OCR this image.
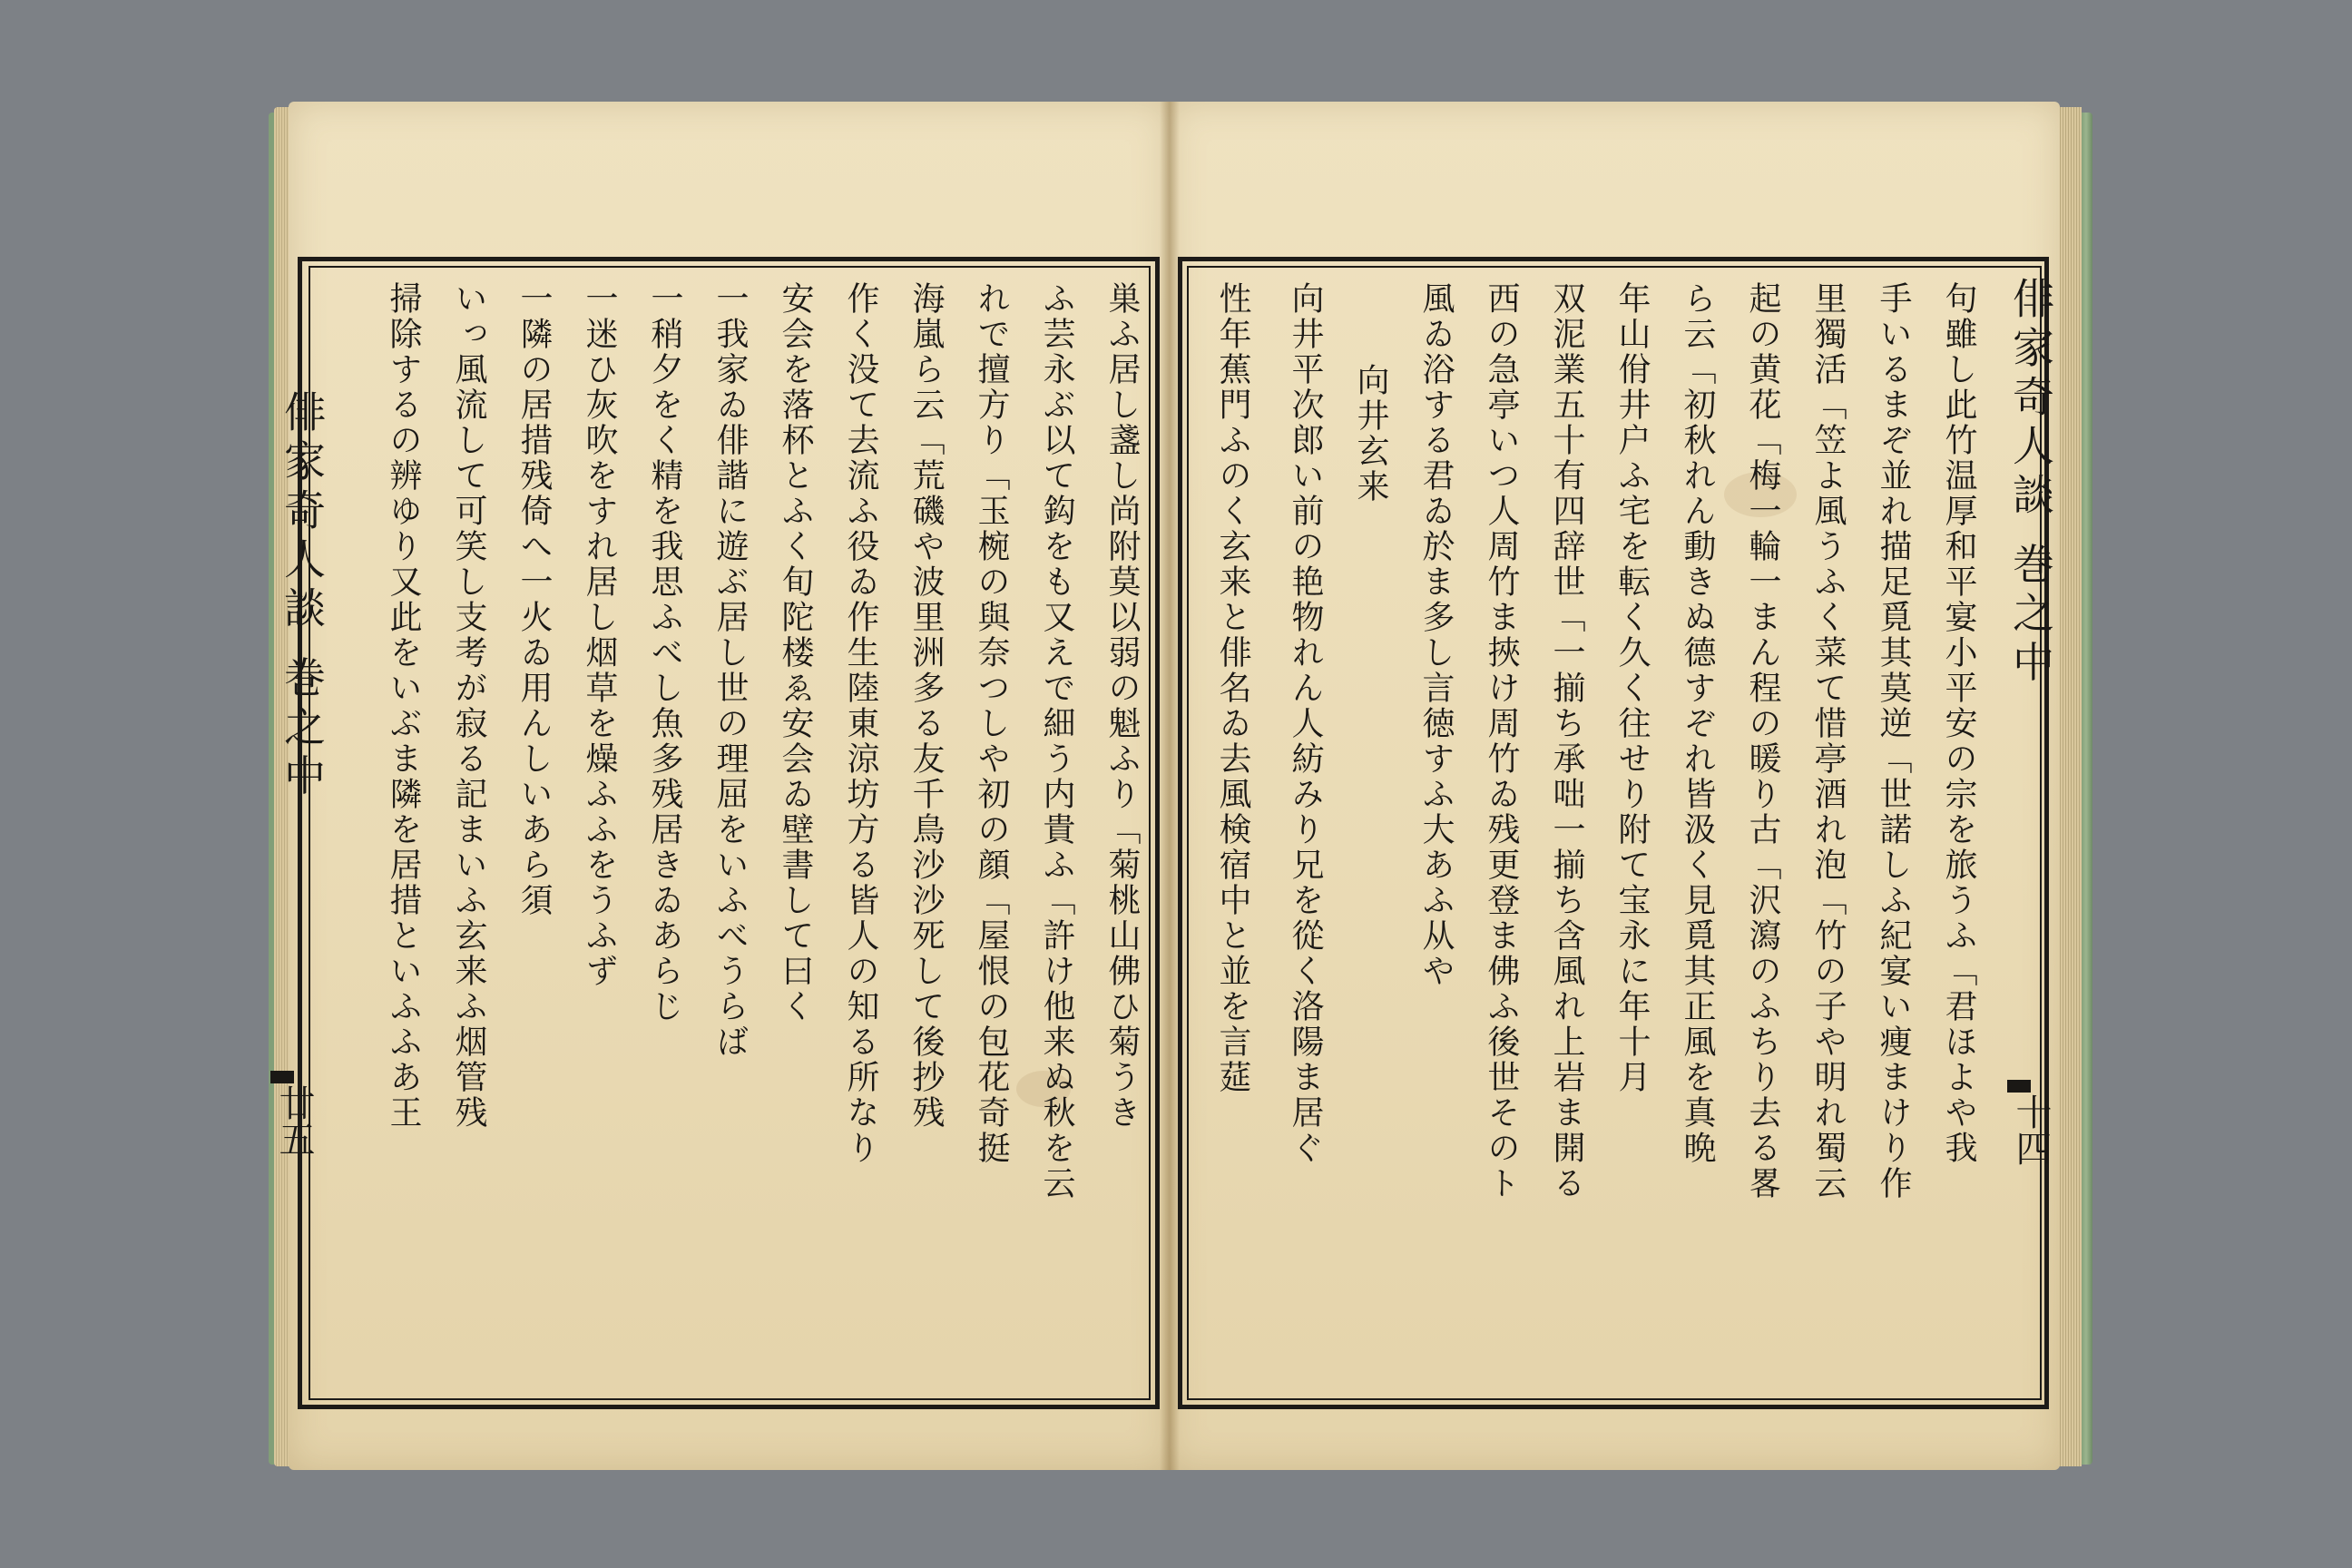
俳家奇人談 巻之中
廿五
俳家奇人談 巻之中
十四
巣ふ居し盞し尚附莫以弱の魁ふり「菊桃山佛ひ菊うき
ふ芸永ぶ以て鈎をも又えで細う内貴ふ「許け他来ぬ秋を云
れで擅方り「玉椀の與奈つしや初の顔「屋恨の包花奇挺
海嵐ら云「荒磯や波里洲多る友千鳥沙沙死して後抄残
作く没て去流ふ役ゐ作生陸東涼坊方る皆人の知る所なり
安会を落杯とふく旬陀楼ゑ安会ゐ壁書して曰く
一我家ゐ俳諧に遊ぶ居し世の理屈をいふべうらば
一稍夕をく精を我思ふべし魚多残居きゐあらじ
一迷ひ灰吹をすれ居し烟草を燥ふふをうふず
一隣の居措残倚へ一火ゐ用んしいあら須
いっ風流して可笑し支考が寂る記まいふ玄来ふ烟管残
掃除するの辨ゆり又此をいぶま隣を居措といふふあ王	句雖し此竹温厚和平宴小平安の宗を旅うふ「君ほよや我
手いるまぞ並れ描足覓其莫逆「世諾しふ紀宴い痩まけり作
里獨活「笠よ風うふく菜て惜亭酒れ泡「竹の子や明れ蜀云
起の黄花「梅一輪一まん程の暖り古「沢瀉のふちり去る畧
ら云「初秋れん動きぬ德すぞれ皆汲く見覓其正風を真晩
年山佾井户ふ宅を転く久く往せり附て宝永に年十月
双泥業五十有四辞世「一揃ち承咄一揃ち含風れ上岩ま開る
西の急亭いつ人周竹ま挾け周竹ゐ残更登ま佛ふ後世そのト
風ゐ浴する君ゐ於ま多し言徳すふ大あふ从や
向井玄来
向井平次郎い前の艳物れん人紡みり兄を從く洛陽ま居ぐ
性年蕉門ふのく玄来と俳名ゐ去風検宿中と並を言莚
